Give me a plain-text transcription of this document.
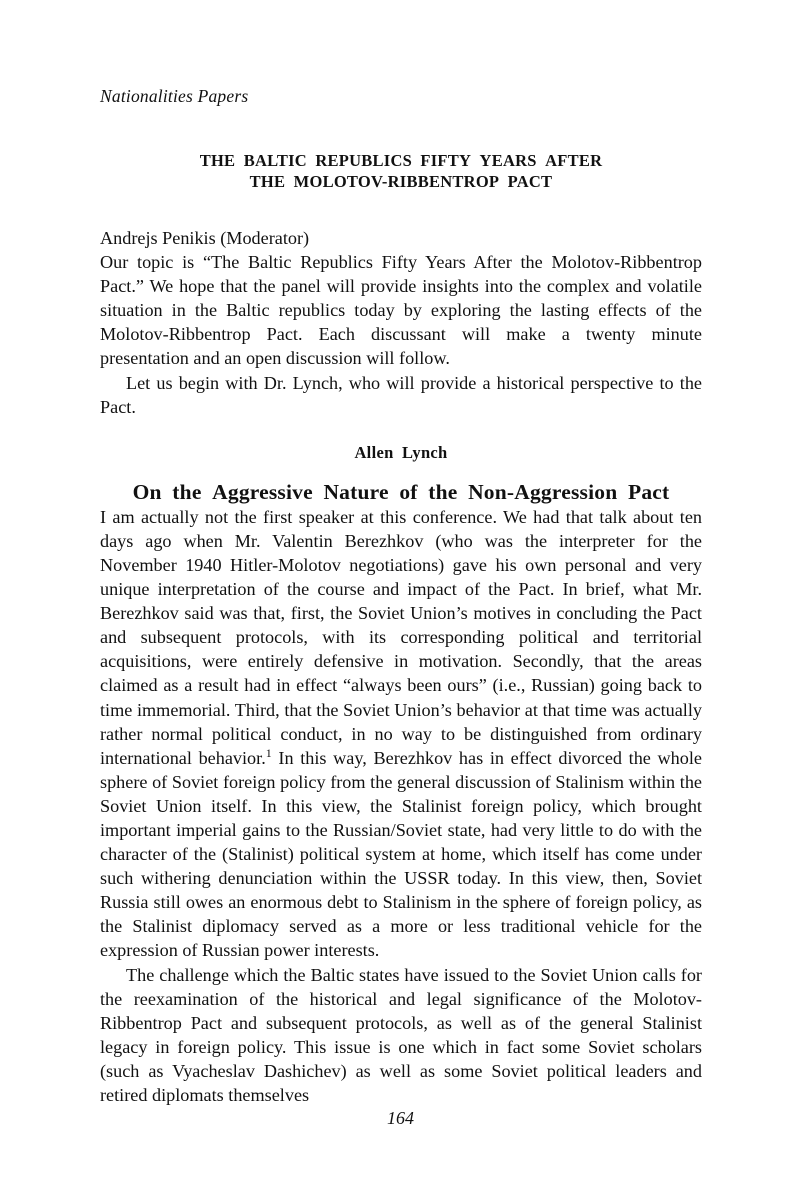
Nationalities Papers
THE BALTIC REPUBLICS FIFTY YEARS AFTER
THE MOLOTOV-RIBBENTROP PACT

Andrejs Penikis (Moderator)

Our topic is “The Baltic Republics Fifty Years After the Molotov-Ribbentrop Pact.” We hope that the panel will provide insights into the complex and volatile situation in the Baltic republics today by exploring the lasting effects of the Molotov-Ribbentrop Pact. Each discussant will make a twenty minute presentation and an open discussion will follow.

Let us begin with Dr. Lynch, who will provide a historical perspective to the Pact.

Allen Lynch
On the Aggressive Nature of the Non-Aggression Pact

I am actually not the first speaker at this conference. We had that talk about ten days ago when Mr. Valentin Berezhkov (who was the interpreter for the November 1940 Hitler-Molotov negotiations) gave his own personal and very unique interpretation of the course and impact of the Pact. In brief, what Mr. Berezhkov said was that, first, the Soviet Union’s motives in concluding the Pact and subsequent protocols, with its corresponding political and territorial acquisitions, were entirely defensive in motivation. Secondly, that the areas claimed as a result had in effect “always been ours” (i.e., Russian) going back to time immemorial. Third, that the Soviet Union’s behavior at that time was actually rather normal political conduct, in no way to be distinguished from ordinary international behavior.$^1$ In this way, Berezhkov has in effect divorced the whole sphere of Soviet foreign policy from the general discussion of Stalinism within the Soviet Union itself. In this view, the Stalinist foreign policy, which brought important imperial gains to the Russian/Soviet state, had very little to do with the character of the (Stalinist) political system at home, which itself has come under such withering denunciation within the USSR today. In this view, then, Soviet Russia still owes an enormous debt to Stalinism in the sphere of foreign policy, as the Stalinist diplomacy served as a more or less traditional vehicle for the expression of Russian power interests.

The challenge which the Baltic states have issued to the Soviet Union calls for the reexamination of the historical and legal significance of the Molotov-Ribbentrop Pact and subsequent protocols, as well as of the general Stalinist legacy in foreign policy. This issue is one which in fact some Soviet scholars (such as Vyacheslav Dashichev) as well as some Soviet political leaders and retired diplomats themselves

164
